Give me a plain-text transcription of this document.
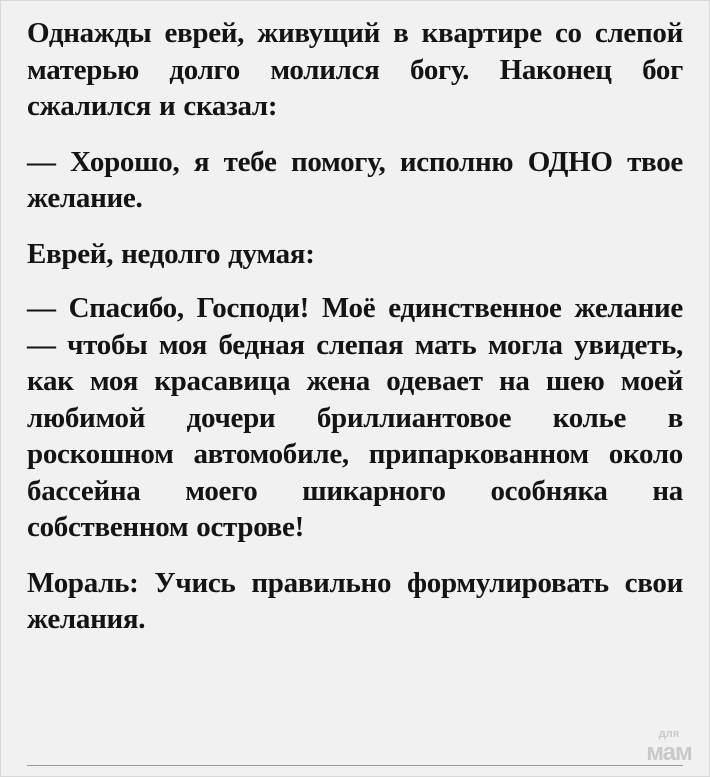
Однажды еврей, живущий в квартире со слепой матерью долго молился богу. Наконец бог сжалился и сказал:

— Хорошо, я тебе помогу, исполню ОДНО твое желание.

Еврей, недолго думая:

— Спасибо, Господи! Моё единственное желание — чтобы моя бедная слепая мать могла увидеть, как моя красавица жена одевает на шею моей любимой дочери бриллиантовое колье в роскошном автомобиле, припаркованном около бассейна моего шикарного особняка на собственном острове!

Мораль: Учись правильно формулировать свои желания.

для
мам
